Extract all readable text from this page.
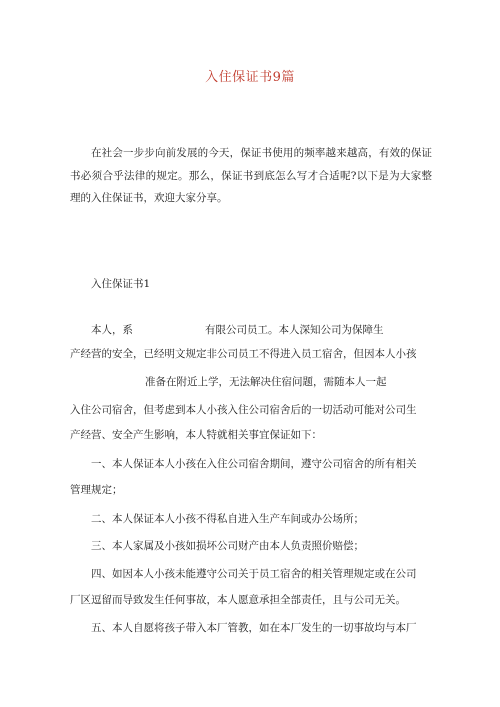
入住保证书9篇

在社会一步步向前发展的今天，保证书使用的频率越来越高，有效的保证书必须合乎法律的规定。那么，保证书到底怎么写才合适呢?以下是为大家整理的入住保证书，欢迎大家分享。

入住保证书1

本人，系	有限公司员工。本人深知公司为保障生

产经营的安全，已经明文规定非公司员工不得进入员工宿舍，但因本人小孩

准备在附近上学，无法解决住宿问题，需随本人一起

入住公司宿舍，但考虑到本人小孩入住公司宿舍后的一切活动可能对公司生

产经营、安全产生影响，本人特就相关事宜保证如下：

一、本人保证本人小孩在入住公司宿舍期间，遵守公司宿舍的所有相关

管理规定；

二、本人保证本人小孩不得私自进入生产车间或办公场所；

三、本人家属及小孩如损坏公司财产由本人负责照价赔偿；

四、如因本人小孩未能遵守公司关于员工宿舍的相关管理规定或在公司

厂区逗留而导致发生任何事故，本人愿意承担全部责任，且与公司无关。

五、本人自愿将孩子带入本厂管教，如在本厂发生的一切事故均与本厂
